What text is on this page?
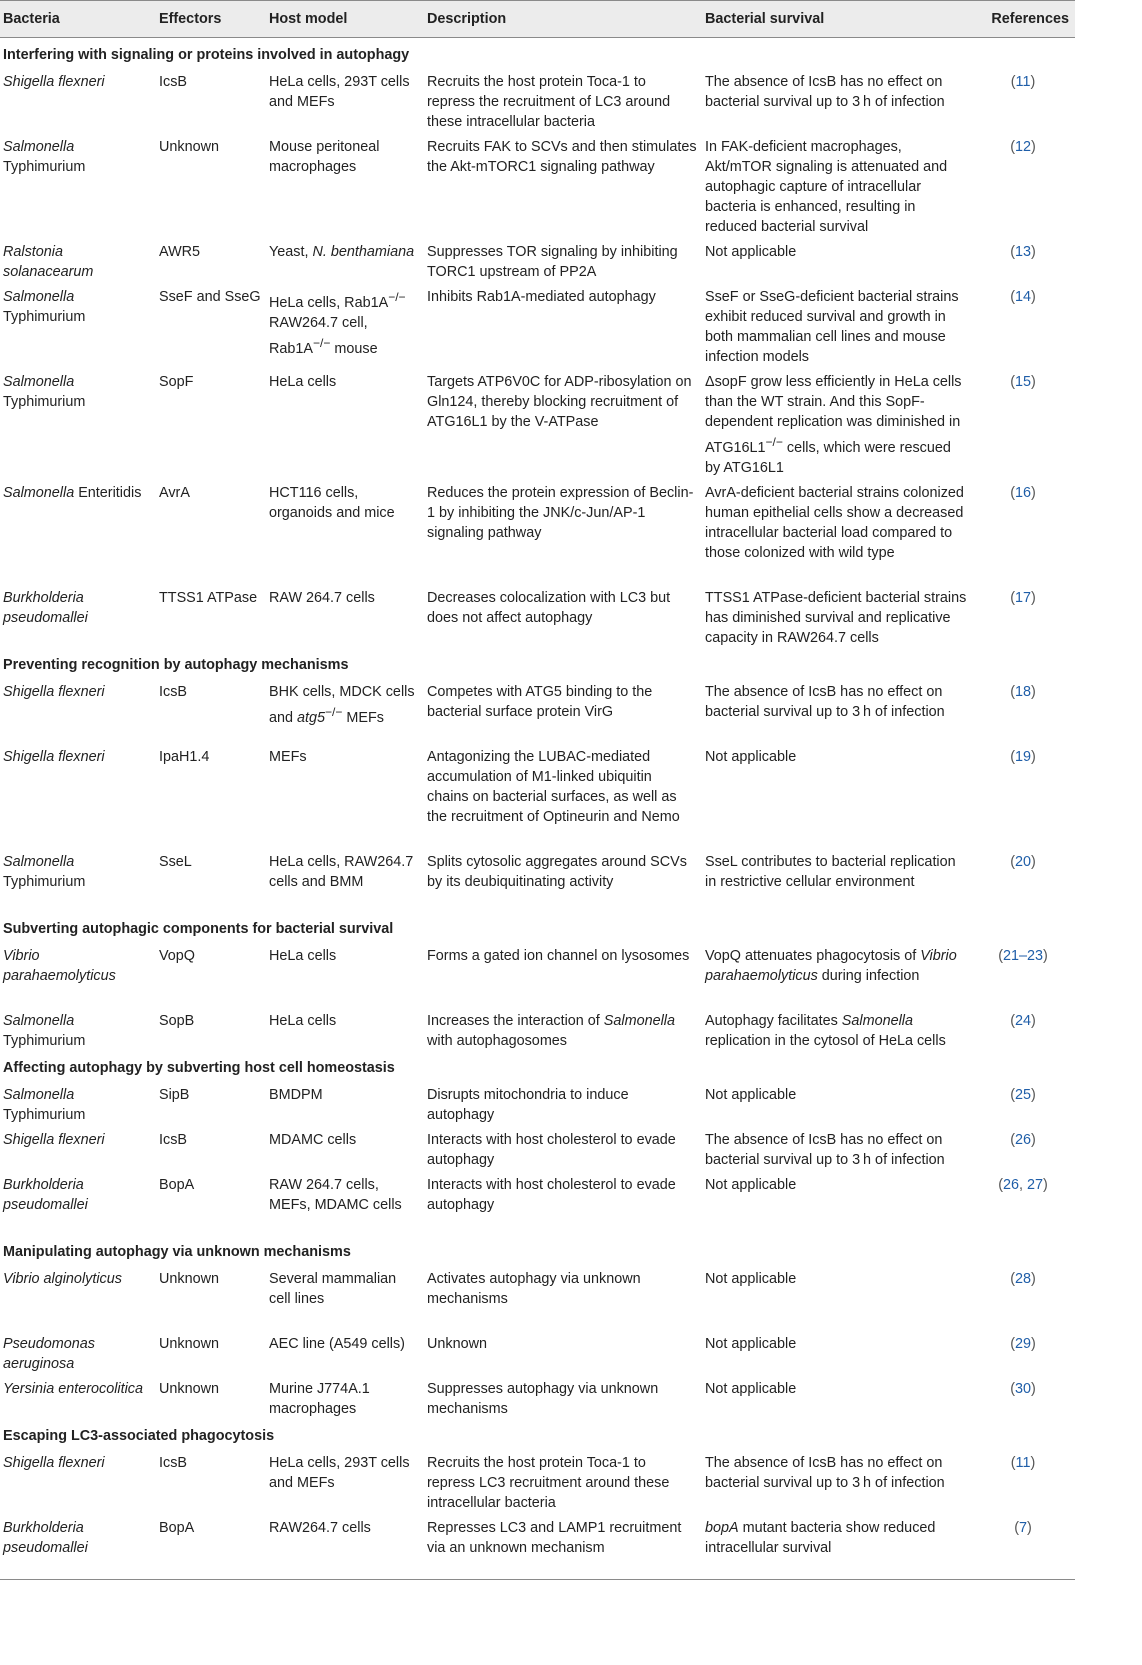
Bacteria	Effectors	Host model	Description	Bacterial survival	References
Interfering with signaling or proteins involved in autophagy					
Shigella flexneri	IcsB	HeLa cells, 293T cells and MEFs	Recruits the host protein Toca-1 to repress the recruitment of LC3 around these intracellular bacteria	The absence of IcsB has no effect on bacterial survival up to 3 h of infection	(11)
Salmonella Typhimurium	Unknown	Mouse peritoneal macrophages	Recruits FAK to SCVs and then stimulates the Akt-mTORC1 signaling pathway	In FAK-deficient macrophages, Akt/mTOR signaling is attenuated and autophagic capture of intracellular bacteria is enhanced, resulting in reduced bacterial survival	(12)
Ralstonia solanacearum	AWR5	Yeast, N. benthamiana	Suppresses TOR signaling by inhibiting TORC1 upstream of PP2A	Not applicable	(13)
Salmonella Typhimurium	SseF and SseG	HeLa cells, Rab1A−/− RAW264.7 cell, Rab1A−/− mouse	Inhibits Rab1A-mediated autophagy	SseF or SseG-deficient bacterial strains exhibit reduced survival and growth in both mammalian cell lines and mouse infection models	(14)
Salmonella Typhimurium	SopF	HeLa cells	Targets ATP6V0C for ADP-ribosylation on Gln124, thereby blocking recruitment of ATG16L1 by the V-ATPase	ΔsopF grow less efficiently in HeLa cells than the WT strain. And this SopF-dependent replication was diminished in ATG16L1−/− cells, which were rescued by ATG16L1	(15)
Salmonella Enteritidis	AvrA	HCT116 cells, organoids and mice	Reduces the protein expression of Beclin-1 by inhibiting the JNK/c-Jun/AP-1 signaling pathway	AvrA-deficient bacterial strains colonized human epithelial cells show a decreased intracellular bacterial load compared to those colonized with wild type	(16)
Burkholderia pseudomallei	TTSS1 ATPase	RAW 264.7 cells	Decreases colocalization with LC3 but does not affect autophagy	TTSS1 ATPase-deficient bacterial strains has diminished survival and replicative capacity in RAW264.7 cells	(17)
Preventing recognition by autophagy mechanisms					
Shigella flexneri	IcsB	BHK cells, MDCK cells and atg5−/− MEFs	Competes with ATG5 binding to the bacterial surface protein VirG	The absence of IcsB has no effect on bacterial survival up to 3 h of infection	(18)
Shigella flexneri	IpaH1.4	MEFs	Antagonizing the LUBAC-mediated accumulation of M1-linked ubiquitin chains on bacterial surfaces, as well as the recruitment of Optineurin and Nemo	Not applicable	(19)
Salmonella Typhimurium	SseL	HeLa cells, RAW264.7 cells and BMM	Splits cytosolic aggregates around SCVs by its deubiquitinating activity	SseL contributes to bacterial replication in restrictive cellular environment	(20)
Subverting autophagic components for bacterial survival					
Vibrio parahaemolyticus	VopQ	HeLa cells	Forms a gated ion channel on lysosomes	VopQ attenuates phagocytosis of Vibrio parahaemolyticus during infection	(21–23)
Salmonella Typhimurium	SopB	HeLa cells	Increases the interaction of Salmonella with autophagosomes	Autophagy facilitates Salmonella replication in the cytosol of HeLa cells	(24)
Affecting autophagy by subverting host cell homeostasis					
Salmonella Typhimurium	SipB	BMDPM	Disrupts mitochondria to induce autophagy	Not applicable	(25)
Shigella flexneri	IcsB	MDAMC cells	Interacts with host cholesterol to evade autophagy	The absence of IcsB has no effect on bacterial survival up to 3 h of infection	(26)
Burkholderia pseudomallei	BopA	RAW 264.7 cells, MEFs, MDAMC cells	Interacts with host cholesterol to evade autophagy	Not applicable	(26, 27)
Manipulating autophagy via unknown mechanisms					
Vibrio alginolyticus	Unknown	Several mammalian cell lines	Activates autophagy via unknown mechanisms	Not applicable	(28)
Pseudomonas aeruginosa	Unknown	AEC line (A549 cells)	Unknown	Not applicable	(29)
Yersinia enterocolitica	Unknown	Murine J774A.1 macrophages	Suppresses autophagy via unknown mechanisms	Not applicable	(30)
Escaping LC3-associated phagocytosis					
Shigella flexneri	IcsB	HeLa cells, 293T cells and MEFs	Recruits the host protein Toca-1 to repress LC3 recruitment around these intracellular bacteria	The absence of IcsB has no effect on bacterial survival up to 3 h of infection	(11)
Burkholderia pseudomallei	BopA	RAW264.7 cells	Represses LC3 and LAMP1 recruitment via an unknown mechanism	bopA mutant bacteria show reduced intracellular survival	(7)
